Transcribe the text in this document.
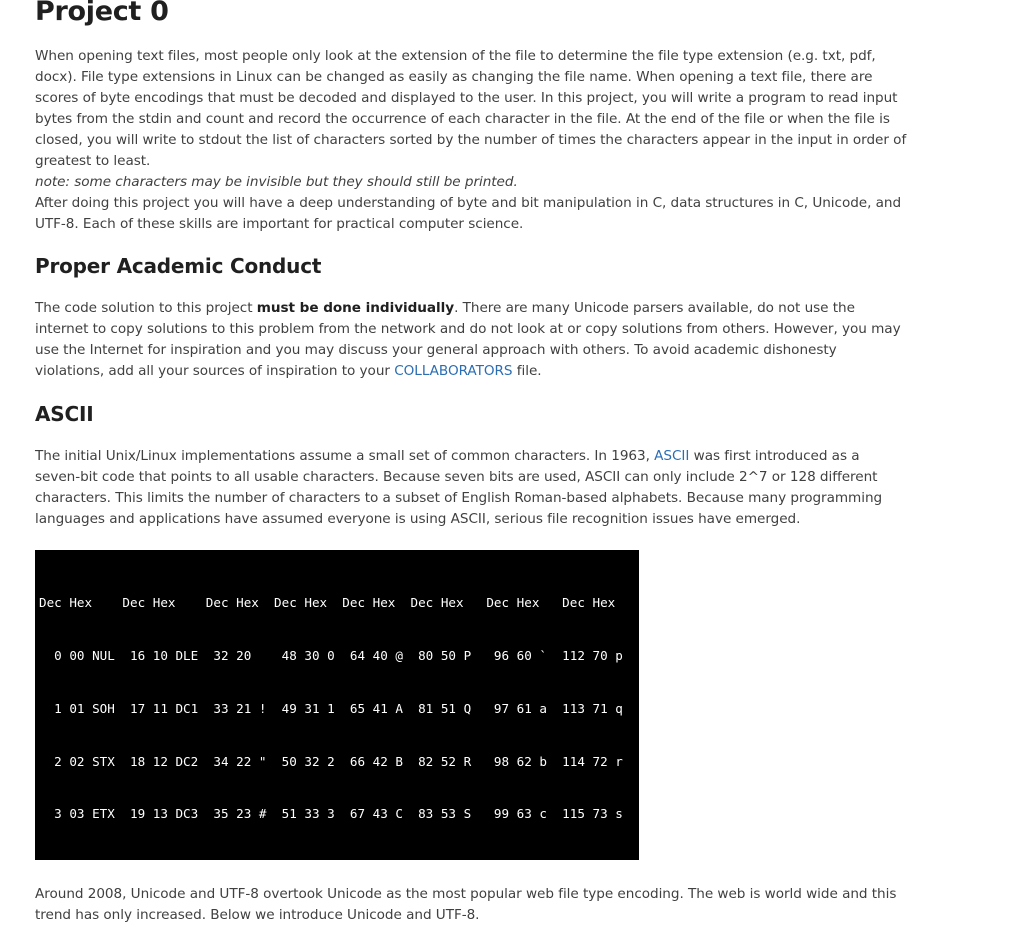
Project 0

When opening text files, most people only look at the extension of the file to determine the file type extension (e.g. txt, pdf, docx). File type extensions in Linux can be changed as easily as changing the file name. When opening a text file, there are scores of byte encodings that must be decoded and displayed to the user. In this project, you will write a program to read input bytes from the stdin and count and record the occurrence of each character in the file. At the end of the file or when the file is closed, you will write to stdout the list of characters sorted by the number of times the characters appear in the input in order of greatest to least.
note: some characters may be invisible but they should still be printed.

After doing this project you will have a deep understanding of byte and bit manipulation in C, data structures in C, Unicode, and UTF-8. Each of these skills are important for practical computer science.

Proper Academic Conduct

The code solution to this project must be done individually. There are many Unicode parsers available, do not use the internet to copy solutions to this problem from the network and do not look at or copy solutions from others. However, you may use the Internet for inspiration and you may discuss your general approach with others. To avoid academic dishonesty violations, add all your sources of inspiration to your COLLABORATORS file.

ASCII

The initial Unix/Linux implementations assume a small set of common characters. In 1963, ASCII was first introduced as a seven-bit code that points to all usable characters. Because seven bits are used, ASCII can only include 2^7 or 128 different characters. This limits the number of characters to a subset of English Roman-based alphabets. Because many programming languages and applications have assumed everyone is using ASCII, serious file recognition issues have emerged.

Dec Hex    Dec Hex    Dec Hex  Dec Hex  Dec Hex  Dec Hex   Dec Hex   Dec Hex

0 00 NUL  16 10 DLE  32 20    48 30 0  64 40 @  80 50 P   96 60 `  112 70 p

1 01 SOH  17 11 DC1  33 21 !  49 31 1  65 41 A  81 51 Q   97 61 a  113 71 q

2 02 STX  18 12 DC2  34 22 "  50 32 2  66 42 B  82 52 R   98 62 b  114 72 r

3 03 ETX  19 13 DC3  35 23 #  51 33 3  67 43 C  83 53 S   99 63 c  115 73 s

Around 2008, Unicode and UTF-8 overtook Unicode as the most popular web file type encoding. The web is world wide and this trend has only increased. Below we introduce Unicode and UTF-8.
